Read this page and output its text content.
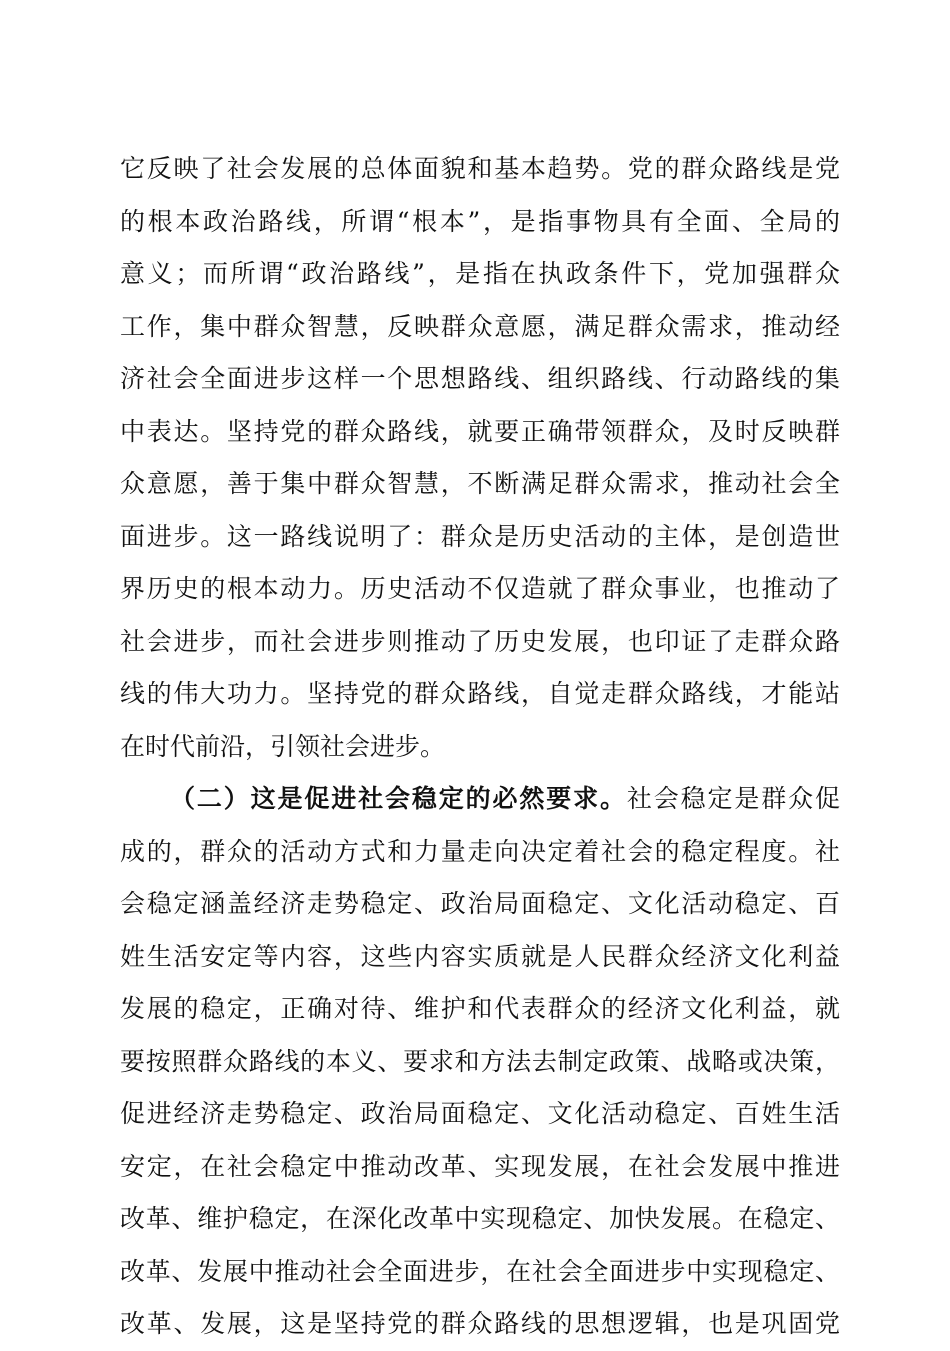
它反映了社会发展的总体面貌和基本趋势。党的群众路线是党
的根本政治路线，所谓“根本”，是指事物具有全面、全局的
意义；而所谓“政治路线”，是指在执政条件下，党加强群众
工作，集中群众智慧，反映群众意愿，满足群众需求，推动经
济社会全面进步这样一个思想路线、组织路线、行动路线的集
中表达。坚持党的群众路线，就要正确带领群众，及时反映群
众意愿，善于集中群众智慧，不断满足群众需求，推动社会全
面进步。这一路线说明了：群众是历史活动的主体，是创造世
界历史的根本动力。历史活动不仅造就了群众事业，也推动了
社会进步，而社会进步则推动了历史发展，也印证了走群众路
线的伟大功力。坚持党的群众路线，自觉走群众路线，才能站
在时代前沿，引领社会进步。
（二）这是促进社会稳定的必然要求。社会稳定是群众促
成的，群众的活动方式和力量走向决定着社会的稳定程度。社
会稳定涵盖经济走势稳定、政治局面稳定、文化活动稳定、百
姓生活安定等内容，这些内容实质就是人民群众经济文化利益
发展的稳定，正确对待、维护和代表群众的经济文化利益，就
要按照群众路线的本义、要求和方法去制定政策、战略或决策，
促进经济走势稳定、政治局面稳定、文化活动稳定、百姓生活
安定，在社会稳定中推动改革、实现发展，在社会发展中推进
改革、维护稳定，在深化改革中实现稳定、加快发展。在稳定、
改革、发展中推动社会全面进步，在社会全面进步中实现稳定、
改革、发展，这是坚持党的群众路线的思想逻辑，也是巩固党
